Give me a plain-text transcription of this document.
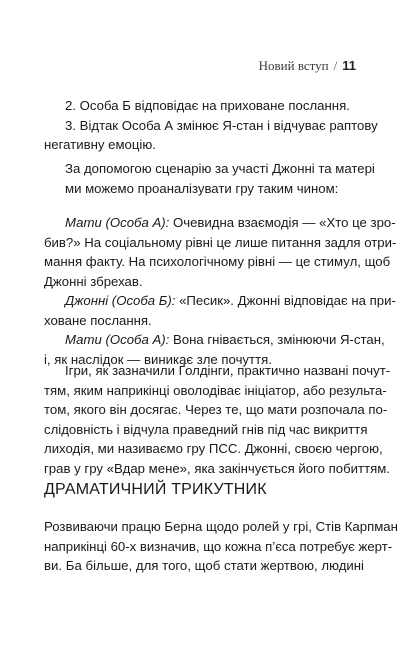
Новий вступ / 11

2. Особа Б відповідає на приховане послання.
3. Відтак Особа А змінює Я-стан і відчуває раптову
негативну емоцію.

За допомогою сценарію за участі Джонні та матері
ми можемо проаналізувати гру таким чином:

Мати (Особа А): Очевидна взаємодія — «Хто це зро-
бив?» На соціальному рівні це лише питання задля отри-
мання факту. На психологічному рівні — це стимул, щоб
Джонні збрехав.
Джонні (Особа Б): «Песик». Джонні відповідає на при-
ховане послання.
Мати (Особа А): Вона гнівається, змінюючи Я-стан,
і, як наслідок — виникає зле почуття.

Ігри, як зазначили Ґолдінги, практично названі почут-
тям, яким наприкінці оволодіває ініціатор, або результа-
том, якого він досягає. Через те, що мати розпочала по-
слідовність і відчула праведний гнів під час викриття
лиходія, ми називаємо гру ПСС. Джонні, своєю чергою,
грав у гру «Вдар мене», яка закінчується його побиттям.

ДРАМАТИЧНИЙ ТРИКУТНИК

Розвиваючи працю Берна щодо ролей у грі, Стів Карпман
наприкінці 60-х визначив, що кожна п’єса потребує жерт-
ви. Ба більше, для того, щоб стати жертвою, людині
